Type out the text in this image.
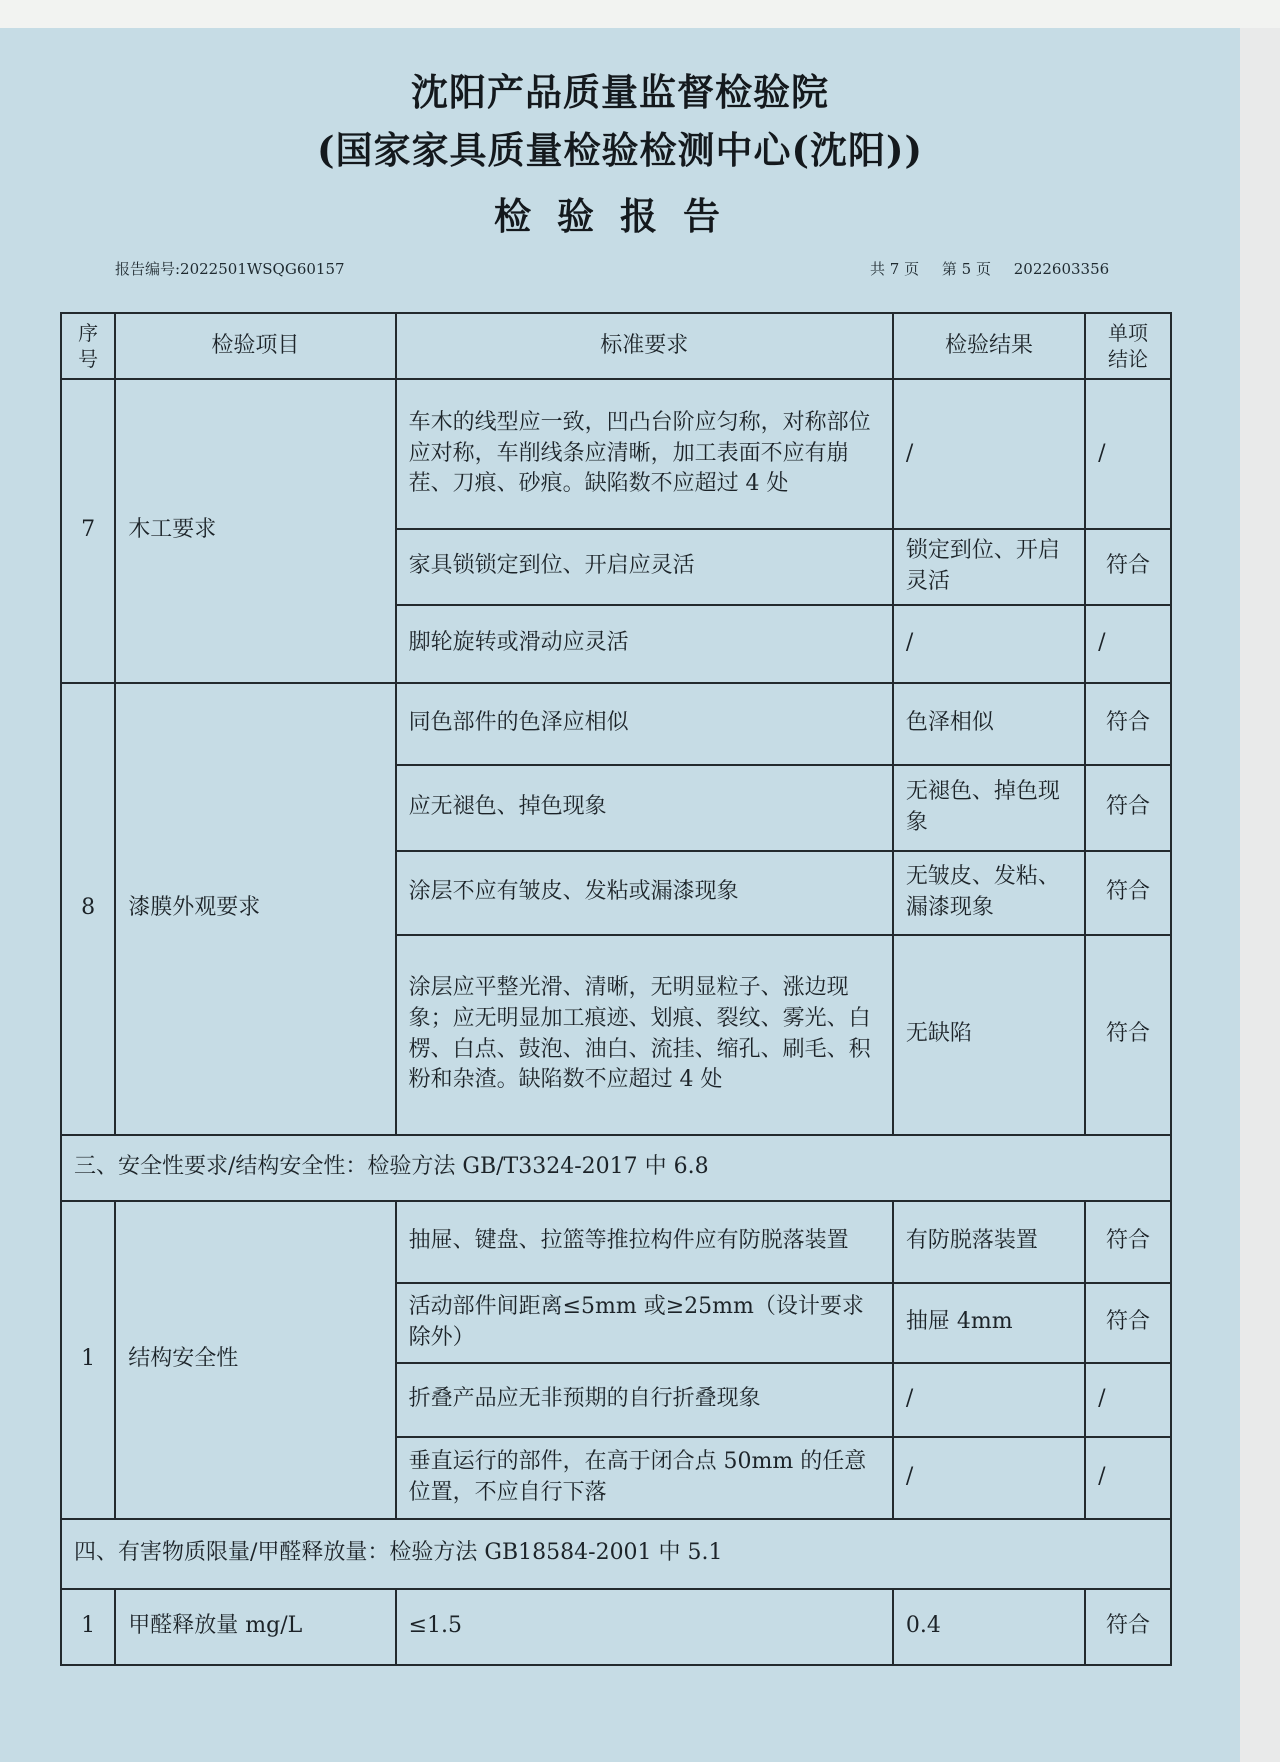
沈阳产品质量监督检验院
(国家家具质量检验检测中心(沈阳))
检验报告
报告编号:2022501WSQG60157	共 7 页 第 5 页 2022603356
序号	检验项目	标准要求	检验结果	单项结论
7	木工要求	车木的线型应一致，凹凸台阶应匀称，对称部位应对称，车削线条应清晰，加工表面不应有崩茬、刀痕、砂痕。缺陷数不应超过 4 处	/	/
		家具锁锁定到位、开启应灵活	锁定到位、开启灵活	符合
		脚轮旋转或滑动应灵活	/	/
8	漆膜外观要求	同色部件的色泽应相似	色泽相似	符合
		应无褪色、掉色现象	无褪色、掉色现象	符合
		涂层不应有皱皮、发粘或漏漆现象	无皱皮、发粘、漏漆现象	符合
		涂层应平整光滑、清晰，无明显粒子、涨边现象；应无明显加工痕迹、划痕、裂纹、雾光、白楞、白点、鼓泡、油白、流挂、缩孔、刷毛、积粉和杂渣。缺陷数不应超过 4 处	无缺陷	符合
三、安全性要求/结构安全性：检验方法 GB/T3324-2017 中 6.8				
1	结构安全性	抽屉、键盘、拉篮等推拉构件应有防脱落装置	有防脱落装置	符合
		活动部件间距离≤5mm 或≥25mm（设计要求除外）	抽屉 4mm	符合
		折叠产品应无非预期的自行折叠现象	/	/
		垂直运行的部件，在高于闭合点 50mm 的任意位置，不应自行下落	/	/
四、有害物质限量/甲醛释放量：检验方法 GB18584-2001 中 5.1				
1	甲醛释放量 mg/L	≤1.5	0.4	符合
